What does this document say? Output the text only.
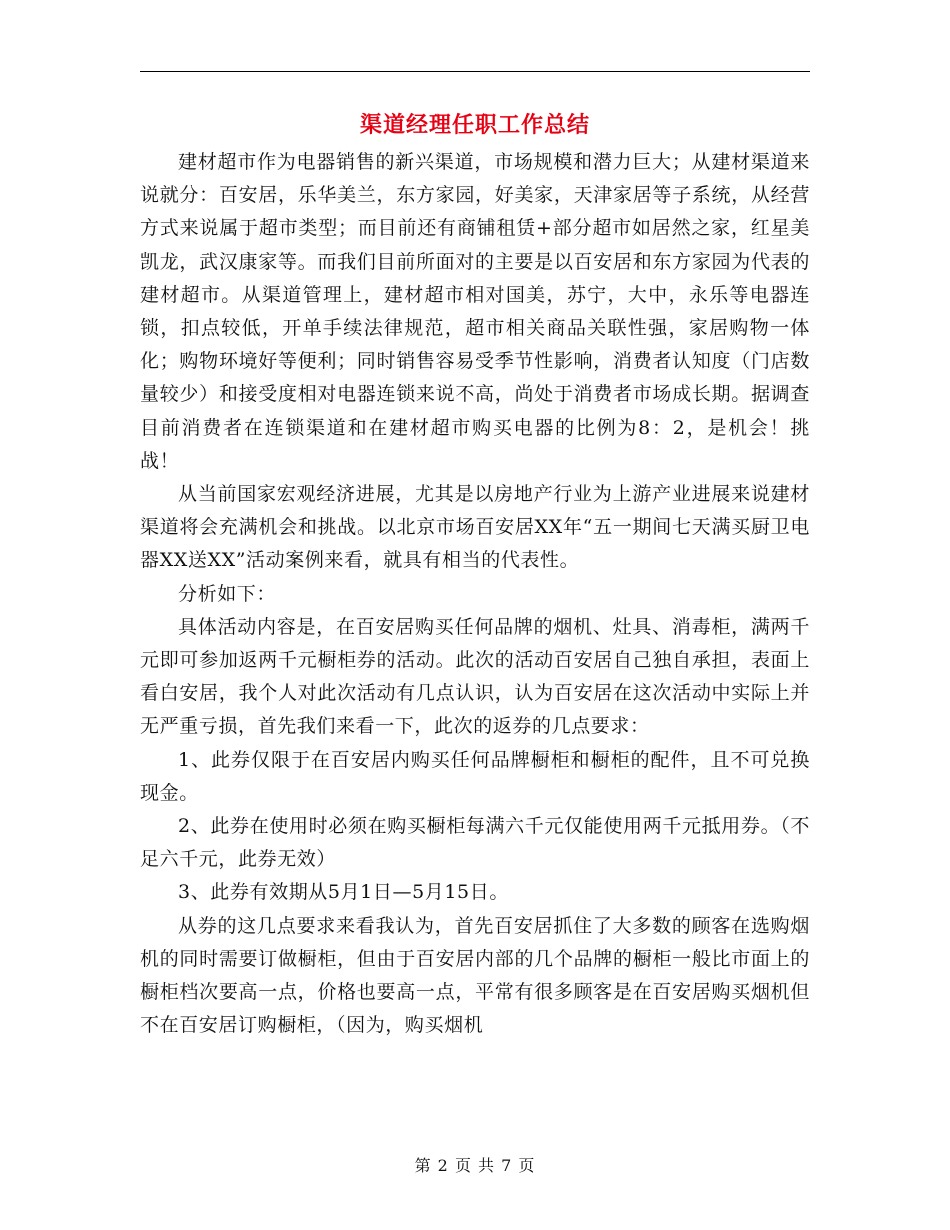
渠道经理任职工作总结

建材超市作为电器销售的新兴渠道，市场规模和潜力巨大；从建材渠道来说就分：百安居，乐华美兰，东方家园，好美家，天津家居等子系统，从经营方式来说属于超市类型；而目前还有商铺租赁+部分超市如居然之家，红星美凯龙，武汉康家等。而我们目前所面对的主要是以百安居和东方家园为代表的建材超市。从渠道管理上，建材超市相对国美，苏宁，大中，永乐等电器连锁，扣点较低，开单手续法律规范，超市相关商品关联性强，家居购物一体化；购物环境好等便利；同时销售容易受季节性影响，消费者认知度（门店数量较少）和接受度相对电器连锁来说不高，尚处于消费者市场成长期。据调查目前消费者在连锁渠道和在建材超市购买电器的比例为8：2，是机会！挑战！

从当前国家宏观经济进展，尤其是以房地产行业为上游产业进展来说建材渠道将会充满机会和挑战。以北京市场百安居XX年“五一期间七天满买厨卫电器XX送XX”活动案例来看，就具有相当的代表性。

分析如下：

具体活动内容是，在百安居购买任何品牌的烟机、灶具、消毒柜，满两千元即可参加返两千元橱柜券的活动。此次的活动百安居自己独自承担，表面上看白安居，我个人对此次活动有几点认识，认为百安居在这次活动中实际上并无严重亏损，首先我们来看一下，此次的返券的几点要求：

1、此券仅限于在百安居内购买任何品牌橱柜和橱柜的配件，且不可兑换现金。

2、此券在使用时必须在购买橱柜每满六千元仅能使用两千元抵用券。（不足六千元，此券无效）

3、此券有效期从5月1日—5月15日。

从券的这几点要求来看我认为，首先百安居抓住了大多数的顾客在选购烟机的同时需要订做橱柜，但由于百安居内部的几个品牌的橱柜一般比市面上的橱柜档次要高一点，价格也要高一点，平常有很多顾客是在百安居购买烟机但不在百安居订购橱柜，（因为，购买烟机

第 2 页 共 7 页
